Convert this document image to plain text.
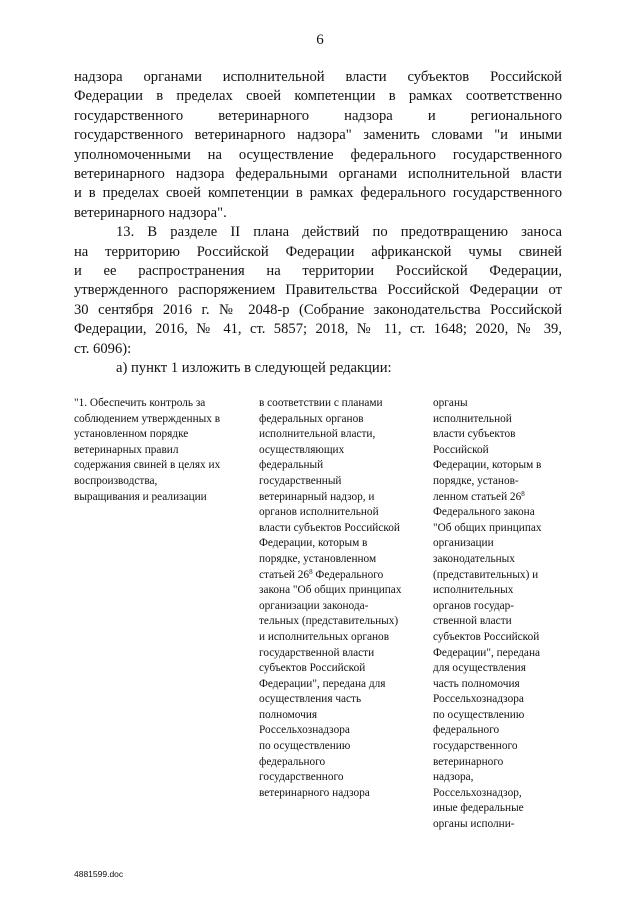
6
надзора органами исполнительной власти субъектов Российской
Федерации в пределах своей компетенции в рамках соответственно
государственного ветеринарного надзора и регионального
государственного ветеринарного надзора" заменить словами "и иными
уполномоченными на осуществление федерального государственного
ветеринарного надзора федеральными органами исполнительной власти
и в пределах своей компетенции в рамках федерального государственного
ветеринарного надзора".
13. В разделе II плана действий по предотвращению заноса
на территорию Российской Федерации африканской чумы свиней
и ее распространения на территории Российской Федерации,
утвержденного распоряжением Правительства Российской Федерации от
30 сентября 2016 г. № 2048-р (Собрание законодательства Российской
Федерации, 2016, № 41, ст. 5857; 2018, № 11, ст. 1648; 2020, № 39,
ст. 6096):
а) пункт 1 изложить в следующей редакции:
"1. Обеспечить контроль за
соблюдением утвержденных в
установленном порядке
ветеринарных правил
содержания свиней в целях их
воспроизводства,
выращивания и реализации
в соответствии с планами
федеральных органов
исполнительной власти,
осуществляющих
федеральный
государственный
ветеринарный надзор, и
органов исполнительной
власти субъектов Российской
Федерации, которым в
порядке, установленном
статьей $26^8$ Федерального
закона "Об общих принципах
организации законода-
тельных (представительных)
и исполнительных органов
государственной власти
субъектов Российской
Федерации", передана для
осуществления часть
полномочия
Россельхознадзора
по осуществлению
федерального
государственного
ветеринарного надзора
органы
исполнительной
власти субъектов
Российской
Федерации, которым в
порядке, установ-
ленном статьей $26^8$
Федерального закона
"Об общих принципах
организации
законодательных
(представительных) и
исполнительных
органов государ-
ственной власти
субъектов Российской
Федерации", передана
для осуществления
часть полномочия
Россельхознадзора
по осуществлению
федерального
государственного
ветеринарного
надзора,
Россельхознадзор,
иные федеральные
органы исполни-
4881599.doc
